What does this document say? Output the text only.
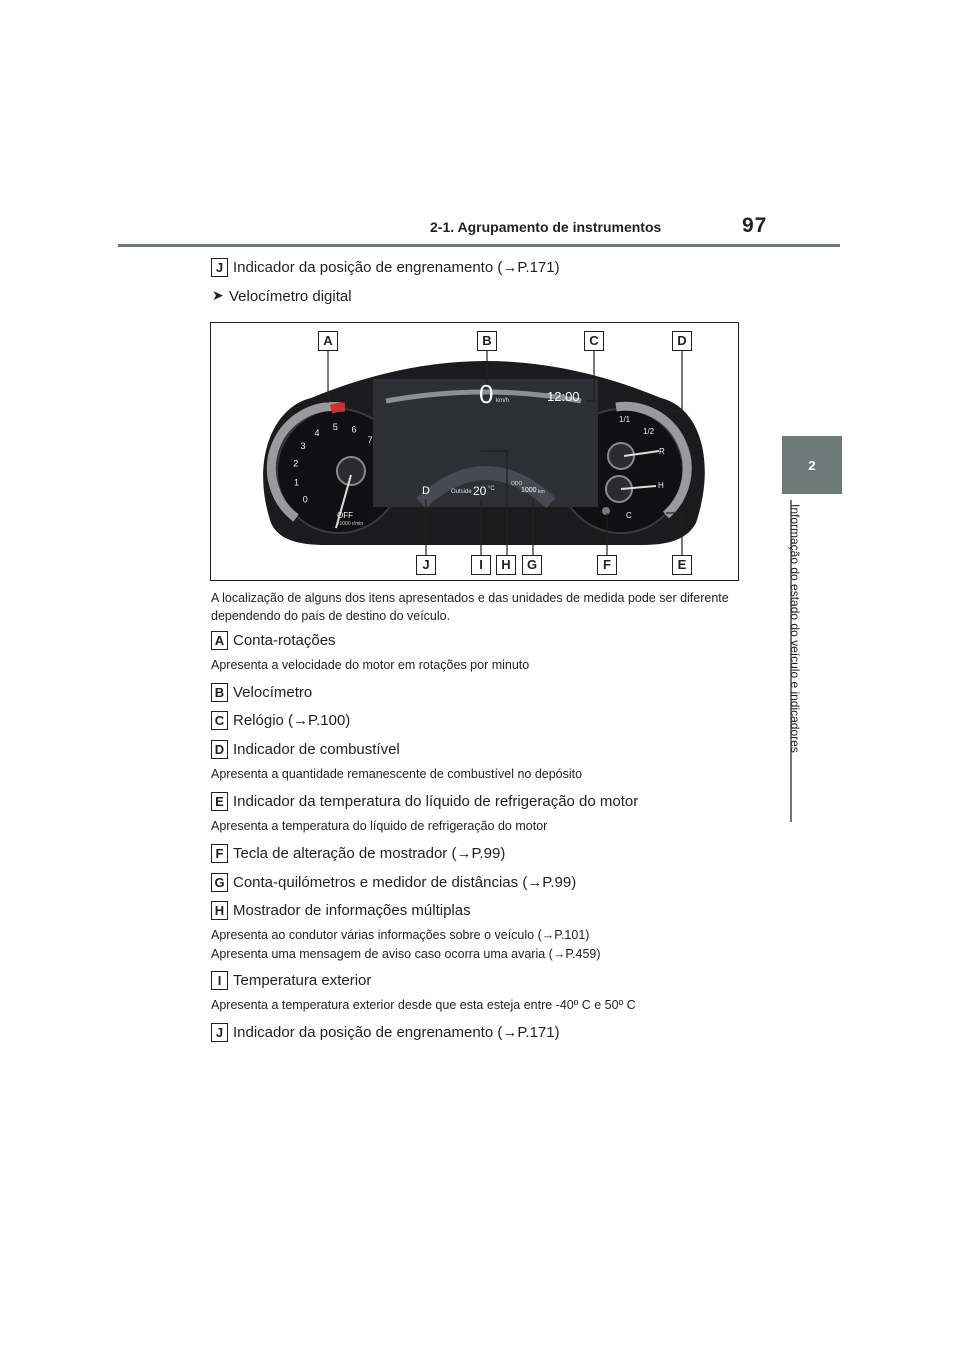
2-1. Agrupamento de instrumentos	97
2
Informação do estado do veículo e indicadores
J Indicador da posição de engrenamento (→P.171)
➤ Velocímetro digital
0
1
2
3
4
5 6
7
0 km/h	12:00
D	Outside 20 °C
ODO
1000 km
OFF
x1000 r/min
1/1
1/2
R
H
C
A	B	C	D
J	I	H	G	F	E
A localização de alguns dos itens apresentados e das unidades de medida pode ser diferente dependendo do país de destino do veículo.
A Conta-rotações
Apresenta a velocidade do motor em rotações por minuto
B Velocímetro
C Relógio (→P.100)
D Indicador de combustível
Apresenta a quantidade remanescente de combustível no depósito
E Indicador da temperatura do líquido de refrigeração do motor
Apresenta a temperatura do líquido de refrigeração do motor
F Tecla de alteração de mostrador (→P.99)
G Conta-quilómetros e medidor de distâncias (→P.99)
H Mostrador de informações múltiplas
Apresenta ao condutor várias informações sobre o veículo (→P.101)
Apresenta uma mensagem de aviso caso ocorra uma avaria (→P.459)
I Temperatura exterior
Apresenta a temperatura exterior desde que esta esteja entre -40º C e 50º C
J Indicador da posição de engrenamento (→P.171)
